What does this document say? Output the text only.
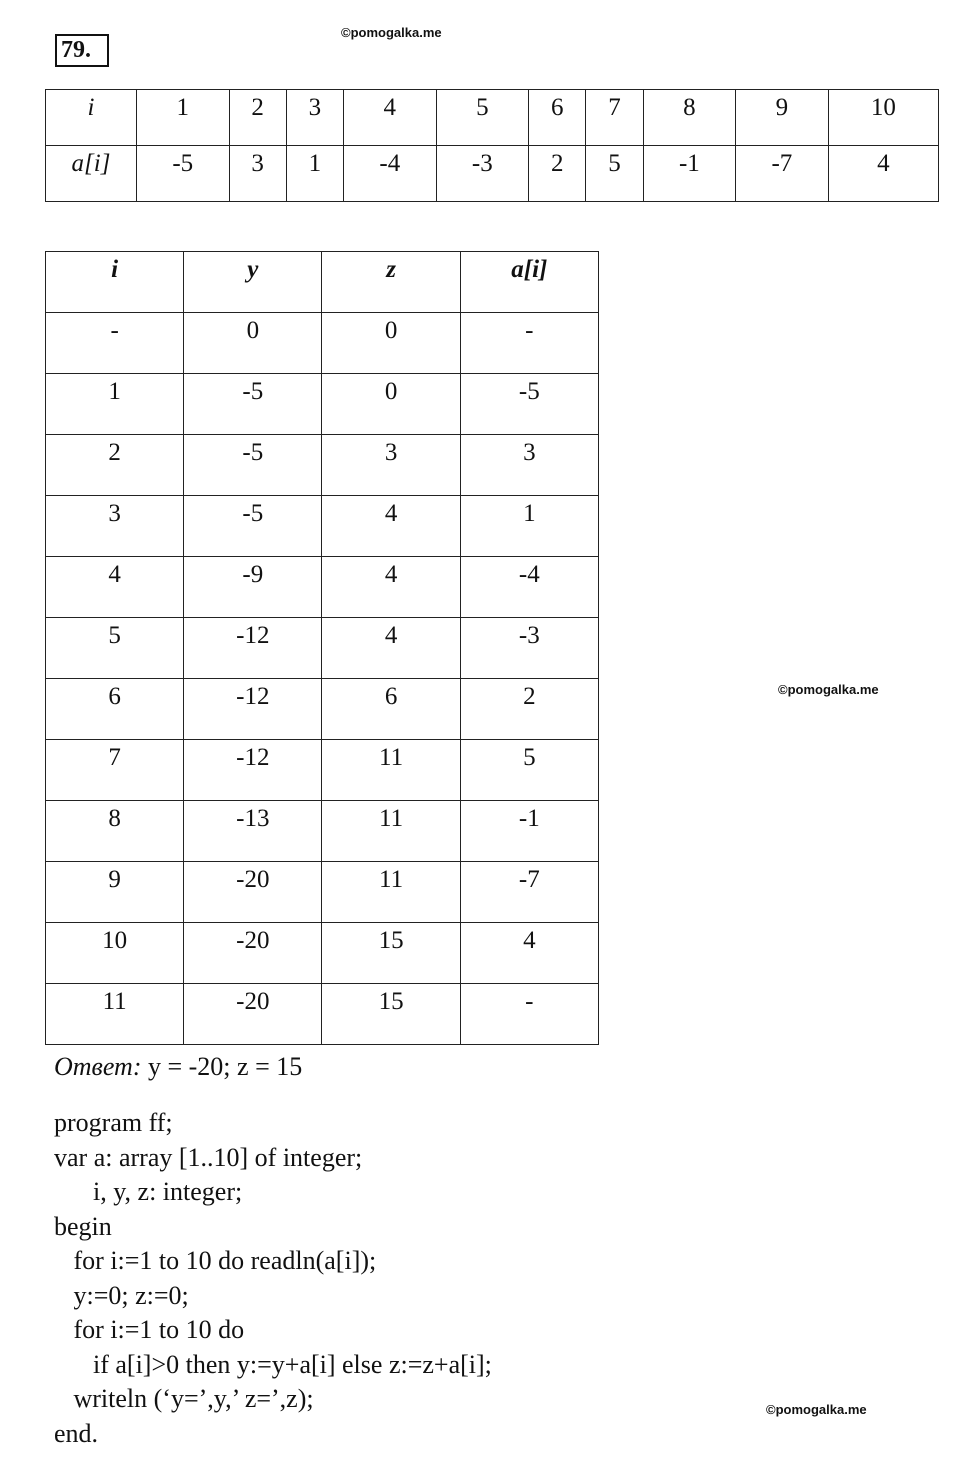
79.
©pomogalka.me
©pomogalka.me
©pomogalka.me
i	1	2	3	4	5	6	7	8	9	10
a[i]	-5	3	1	-4	-3	2	5	-1	-7	4
i	y	z	a[i]
-	0	0	-
1	-5	0	-5
2	-5	3	3
3	-5	4	1
4	-9	4	-4
5	-12	4	-3
6	-12	6	2
7	-12	11	5
8	-13	11	-1
9	-20	11	-7
10	-20	15	4
11	-20	15	-
Ответ: y = -20; z = 15
program ff;
var a: array [1..10] of integer;
i, y, z: integer;
begin
for i:=1 to 10 do readln(a[i]);
y:=0; z:=0;
for i:=1 to 10 do
if a[i]>0 then y:=y+a[i] else z:=z+a[i];
writeln (‘y=’,y,’ z=’,z);
end.
